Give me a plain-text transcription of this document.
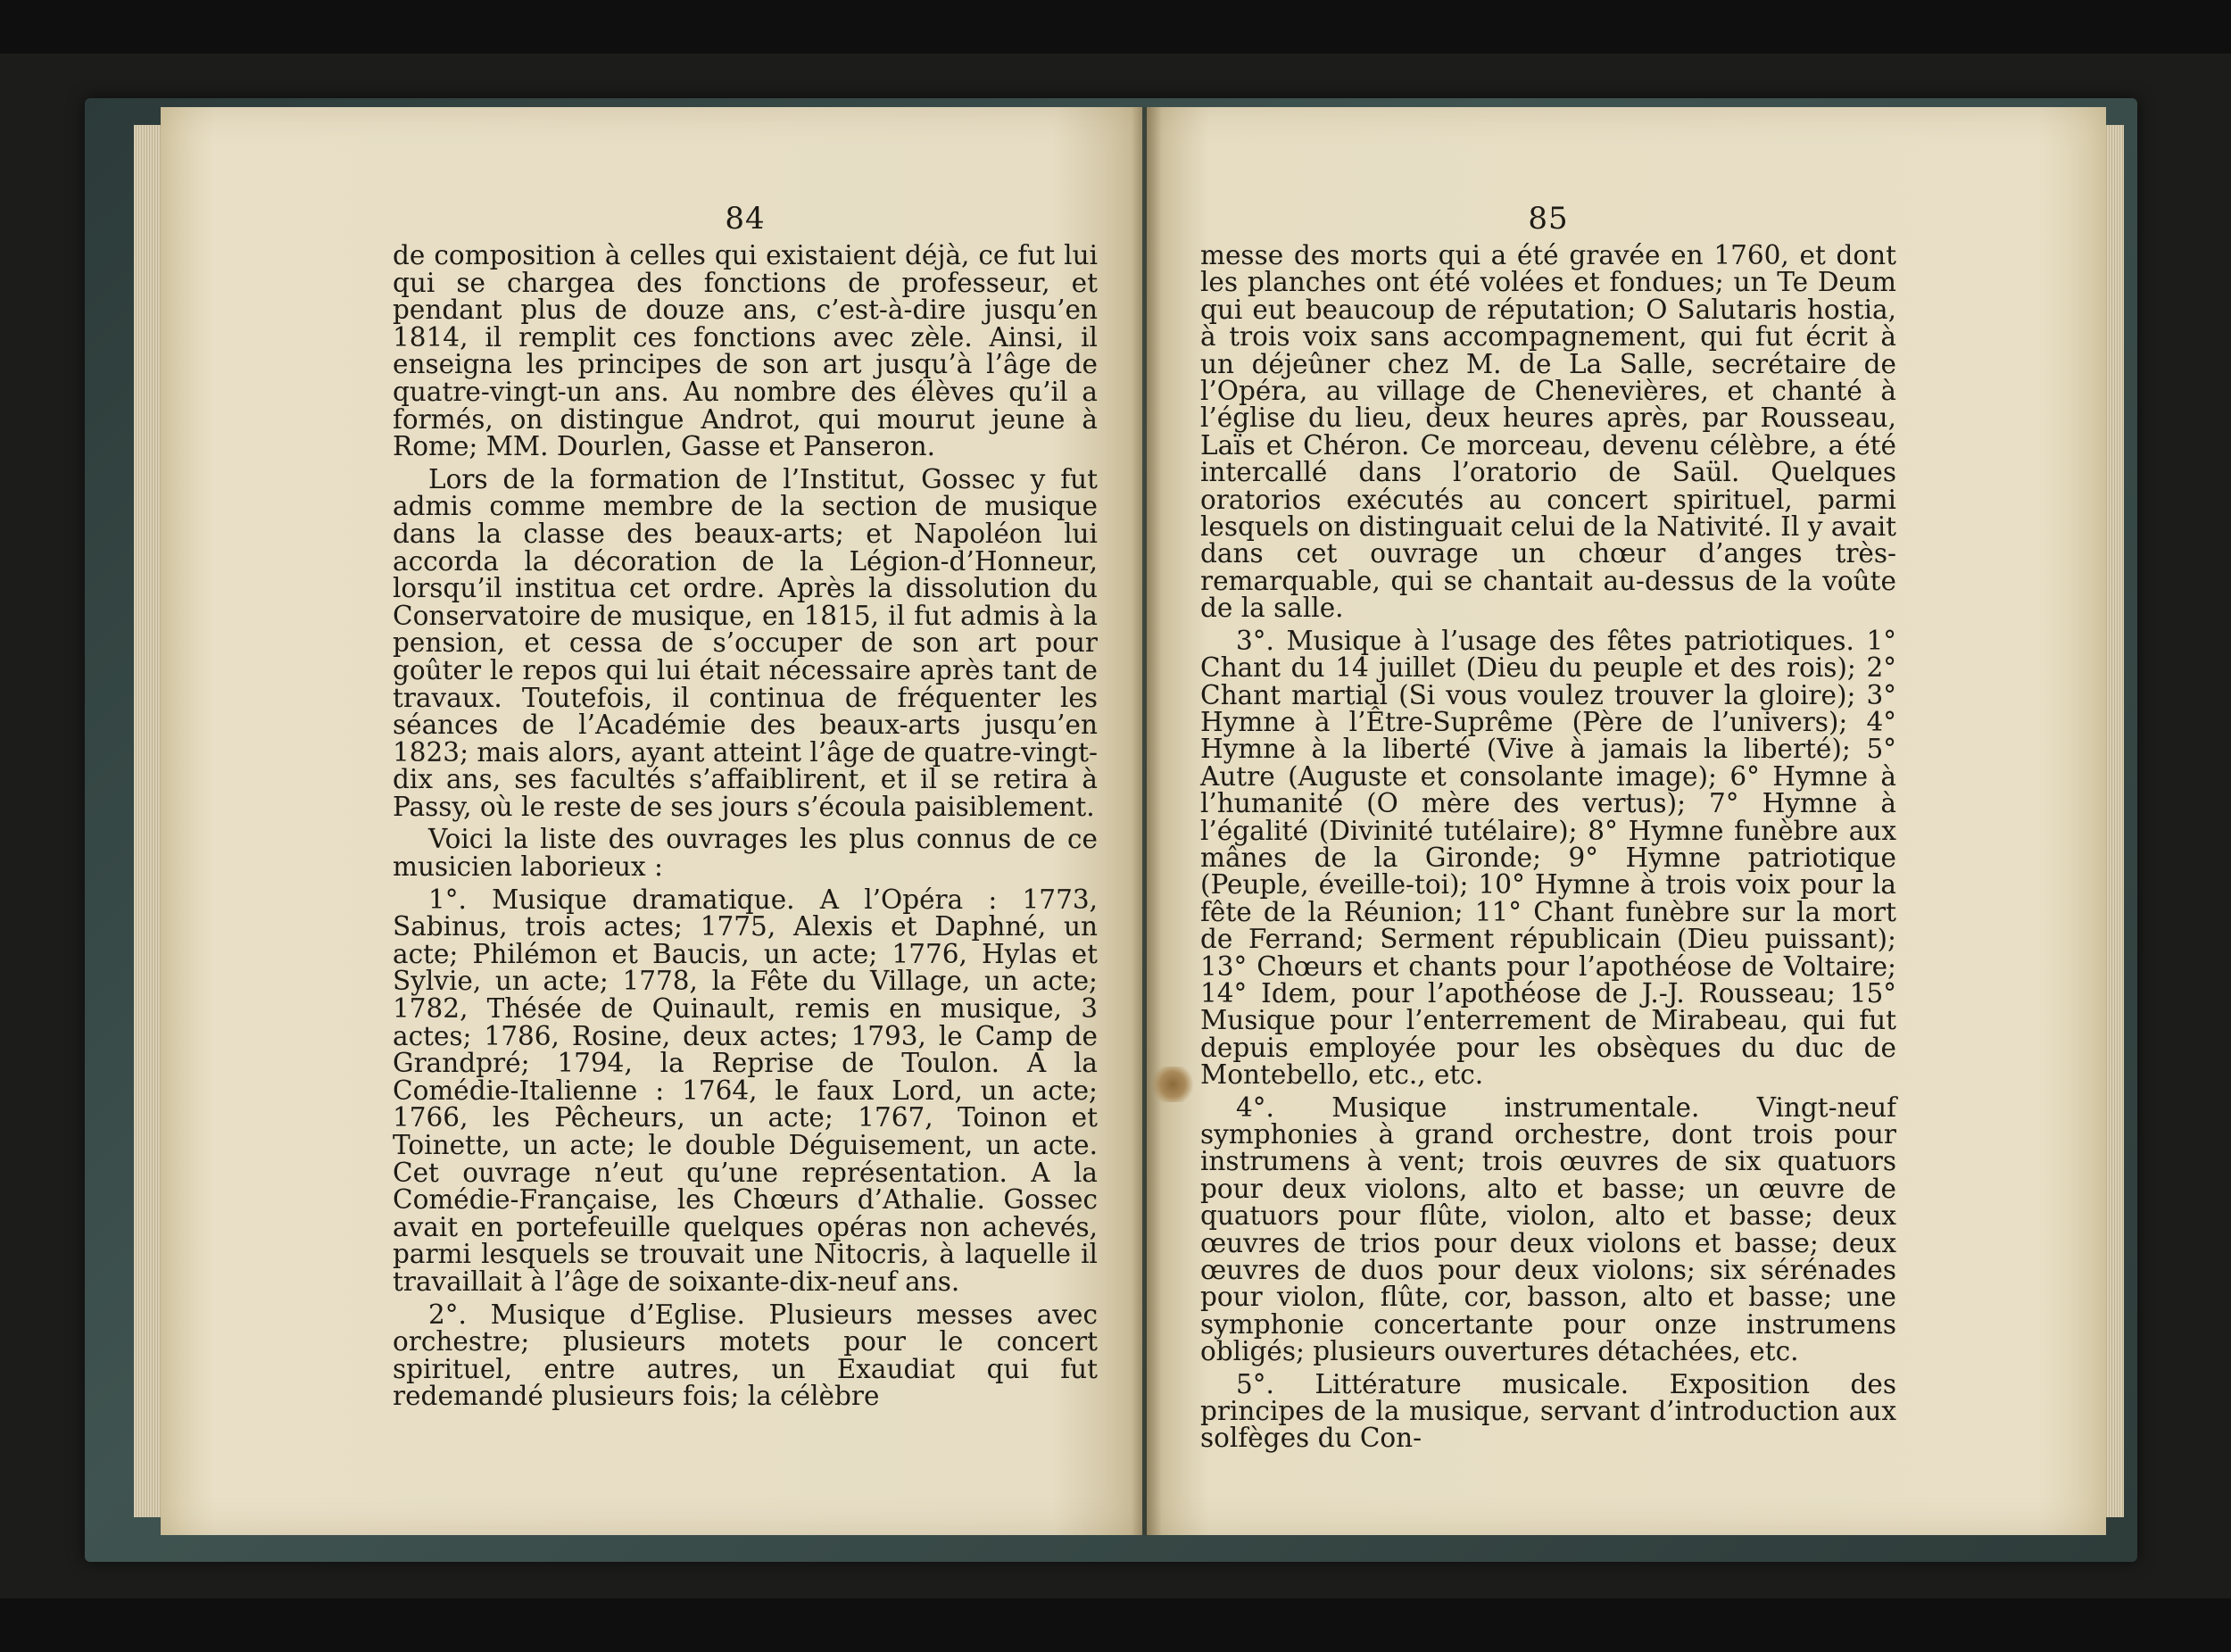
84

de composition à celles qui existaient déjà, ce fut lui qui se chargea des fonctions de professeur, et pendant plus de douze ans, c’est-à-dire jusqu’en 1814, il remplit ces fonctions avec zèle. Ainsi, il enseigna les principes de son art jusqu’à l’âge de quatre-vingt-un ans. Au nombre des élèves qu’il a formés, on distingue Androt, qui mourut jeune à Rome; MM. Dourlen, Gasse et Panseron.

Lors de la formation de l’Institut, Gossec y fut admis comme membre de la section de musique dans la classe des beaux-arts; et Napoléon lui accorda la décoration de la Légion-d’Honneur, lorsqu’il institua cet ordre. Après la dissolution du Conservatoire de musique, en 1815, il fut admis à la pension, et cessa de s’occuper de son art pour goûter le repos qui lui était nécessaire après tant de travaux. Toutefois, il continua de fréquenter les séances de l’Académie des beaux-arts jusqu’en 1823; mais alors, ayant atteint l’âge de quatre-vingt-dix ans, ses facultés s’affaiblirent, et il se retira à Passy, où le reste de ses jours s’écoula paisiblement.

Voici la liste des ouvrages les plus connus de ce musicien laborieux :

1°. Musique dramatique. A l’Opéra : 1773, Sabinus, trois actes; 1775, Alexis et Daphné, un acte; Philémon et Baucis, un acte; 1776, Hylas et Sylvie, un acte; 1778, la Fête du Village, un acte; 1782, Thésée de Quinault, remis en musique, 3 actes; 1786, Rosine, deux actes; 1793, le Camp de Grandpré; 1794, la Reprise de Toulon. A la Comédie-Italienne : 1764, le faux Lord, un acte; 1766, les Pêcheurs, un acte; 1767, Toinon et Toinette, un acte; le double Déguisement, un acte. Cet ouvrage n’eut qu’une représentation. A la Comédie-Française, les Chœurs d’Athalie. Gossec avait en portefeuille quelques opéras non achevés, parmi lesquels se trouvait une Nitocris, à laquelle il travaillait à l’âge de soixante-dix-neuf ans.

2°. Musique d’Eglise. Plusieurs messes avec orchestre; plusieurs motets pour le concert spirituel, entre autres, un Exaudiat qui fut redemandé plusieurs fois; la célèbre

85

messe des morts qui a été gravée en 1760, et dont les planches ont été volées et fondues; un Te Deum qui eut beaucoup de réputation; O Salutaris hostia, à trois voix sans accompagnement, qui fut écrit à un déjeûner chez M. de La Salle, secrétaire de l’Opéra, au village de Chenevières, et chanté à l’église du lieu, deux heures après, par Rousseau, Laïs et Chéron. Ce morceau, devenu célèbre, a été intercallé dans l’oratorio de Saül. Quelques oratorios exécutés au concert spirituel, parmi lesquels on distinguait celui de la Nativité. Il y avait dans cet ouvrage un chœur d’anges très-remarquable, qui se chantait au-dessus de la voûte de la salle.

3°. Musique à l’usage des fêtes patriotiques. 1° Chant du 14 juillet (Dieu du peuple et des rois); 2° Chant martial (Si vous voulez trouver la gloire); 3° Hymne à l’Être-Suprême (Père de l’univers); 4° Hymne à la liberté (Vive à jamais la liberté); 5° Autre (Auguste et consolante image); 6° Hymne à l’humanité (O mère des vertus); 7° Hymne à l’égalité (Divinité tutélaire); 8° Hymne funèbre aux mânes de la Gironde; 9° Hymne patriotique (Peuple, éveille-toi); 10° Hymne à trois voix pour la fête de la Réunion; 11° Chant funèbre sur la mort de Ferrand; Serment républicain (Dieu puissant); 13° Chœurs et chants pour l’apothéose de Voltaire; 14° Idem, pour l’apothéose de J.-J. Rousseau; 15° Musique pour l’enterrement de Mirabeau, qui fut depuis employée pour les obsèques du duc de Montebello, etc., etc.

4°. Musique instrumentale. Vingt-neuf symphonies à grand orchestre, dont trois pour instrumens à vent; trois œuvres de six quatuors pour deux violons, alto et basse; un œuvre de quatuors pour flûte, violon, alto et basse; deux œuvres de trios pour deux violons et basse; deux œuvres de duos pour deux violons; six sérénades pour violon, flûte, cor, basson, alto et basse; une symphonie concertante pour onze instrumens obligés; plusieurs ouvertures détachées, etc.

5°. Littérature musicale. Exposition des principes de la musique, servant d’introduction aux solfèges du Con-
